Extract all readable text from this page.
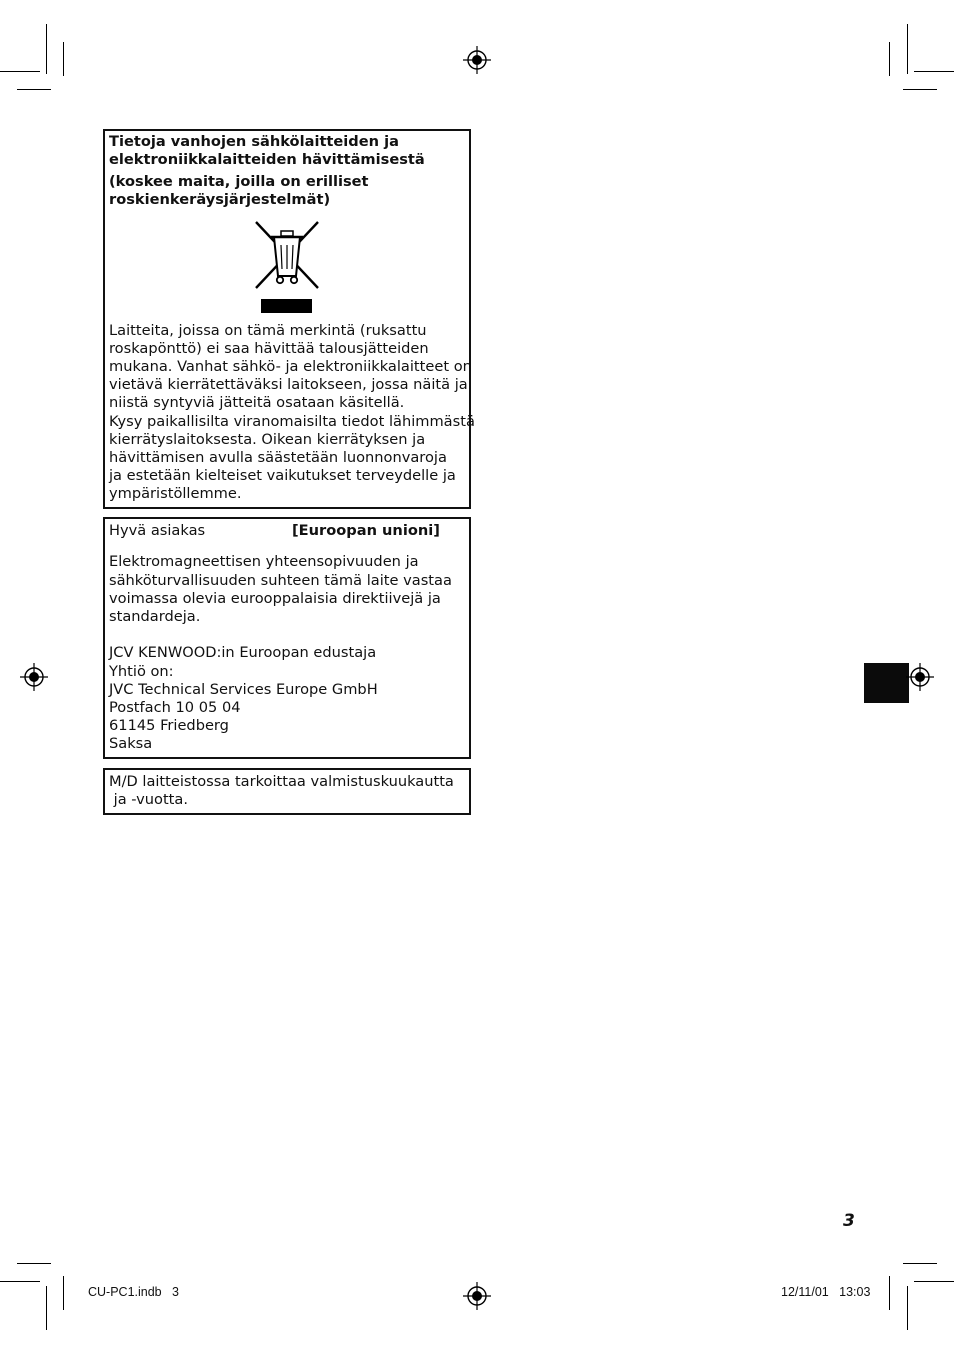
Tietoja vanhojen sähkölaitteiden ja
elektroniikkalaitteiden hävittämisestä
(koskee maita, joilla on erilliset
roskienkeräysjärjestelmät)
Laitteita, joissa on tämä merkintä (ruksattu
roskapönttö) ei saa hävittää talousjätteiden
mukana. Vanhat sähkö- ja elektroniikkalaitteet on
vietävä kierrätettäväksi laitokseen, jossa näitä ja
niistä syntyviä jätteitä osataan käsitellä.
Kysy paikallisilta viranomaisilta tiedot lähimmästä
kierrätyslaitoksesta. Oikean kierrätyksen ja
hävittämisen avulla säästetään luonnonvaroja
ja estetään kielteiset vaikutukset terveydelle ja
ympäristöllemme.
Hyvä asiakas	[Euroopan unioni]
Elektromagneettisen yhteensopivuuden ja
sähköturvallisuuden suhteen tämä laite vastaa
voimassa olevia eurooppalaisia direktiivejä ja
standardeja.
JCV KENWOOD:in Euroopan edustaja
Yhtiö on:
JVC Technical Services Europe GmbH
Postfach 10 05 04
61145 Friedberg
Saksa
M/D laitteistossa tarkoittaa valmistuskuukautta
ja -vuotta.
3
CU-PC1.indb   3	12/11/01   13:03
